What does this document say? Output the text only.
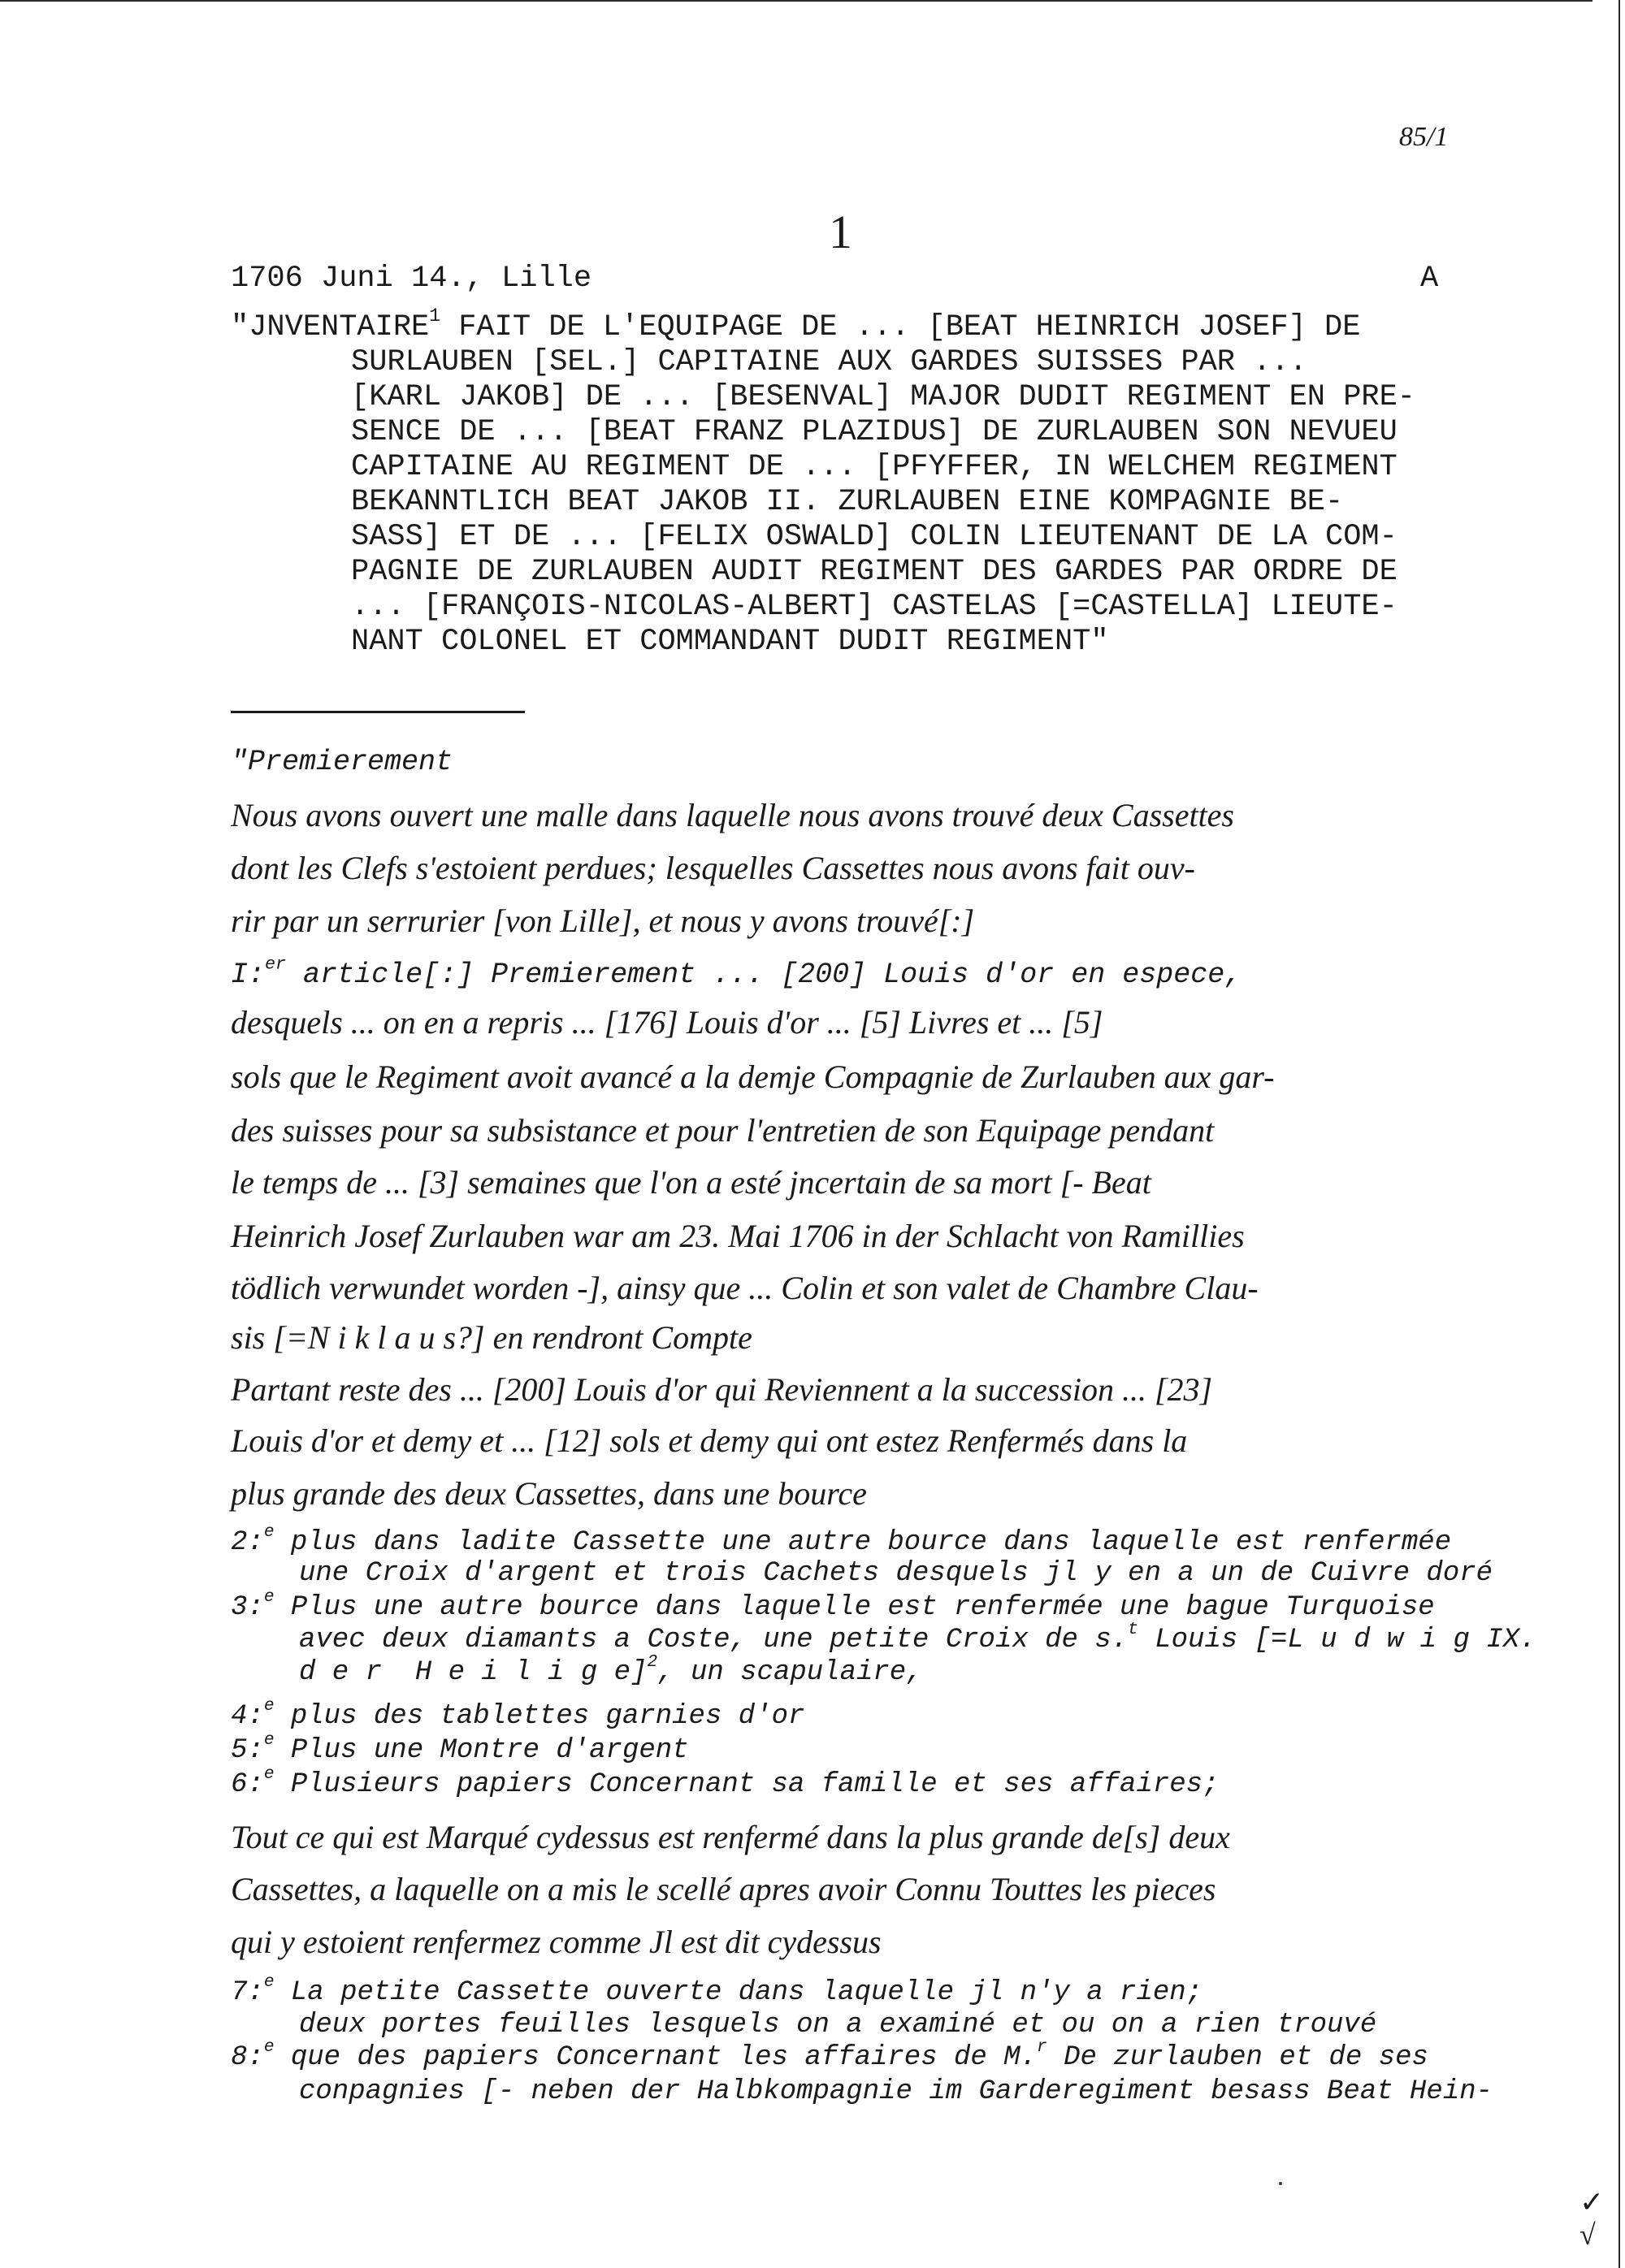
85/1
1
1706 Juni 14., Lille	A
"JNVENTAIRE$^1$ FAIT DE L'EQUIPAGE DE ... [BEAT HEINRICH JOSEF] DE
SURLAUBEN [SEL.] CAPITAINE AUX GARDES SUISSES PAR ...
[KARL JAKOB] DE ... [BESENVAL] MAJOR DUDIT REGIMENT EN PRE-
SENCE DE ... [BEAT FRANZ PLAZIDUS] DE ZURLAUBEN SON NEVUEU
CAPITAINE AU REGIMENT DE ... [PFYFFER, IN WELCHEM REGIMENT
BEKANNTLICH BEAT JAKOB II. ZURLAUBEN EINE KOMPAGNIE BE-
SASS] ET DE ... [FELIX OSWALD] COLIN LIEUTENANT DE LA COM-
PAGNIE DE ZURLAUBEN AUDIT REGIMENT DES GARDES PAR ORDRE DE
... [FRANÇOIS-NICOLAS-ALBERT] CASTELAS [=CASTELLA] LIEUTE-
NANT COLONEL ET COMMANDANT DUDIT REGIMENT"
"Premierement
Nous avons ouvert une malle dans laquelle nous avons trouvé deux Cassettes
dont les Clefs s'estoient perdues; lesquelles Cassettes nous avons fait ouv-
rir par un serrurier [von Lille], et nous y avons trouvé[:]
I:$^{er}$ article[:] Premierement ... [200] Louis d'or en espece,
desquels ... on en a repris ... [176] Louis d'or ... [5] Livres et ... [5]
sols que le Regiment avoit avancé a la demje Compagnie de Zurlauben aux gar-
des suisses pour sa subsistance et pour l'entretien de son Equipage pendant
le temps de ... [3] semaines que l'on a esté jncertain de sa mort [- Beat
Heinrich Josef Zurlauben war am 23. Mai 1706 in der Schlacht von Ramillies
tödlich verwundet worden -], ainsy que ... Colin et son valet de Chambre Clau-
sis [=N i k l a u s?] en rendront Compte
Partant reste des ... [200] Louis d'or qui Reviennent a la succession ... [23]
Louis d'or et demy et ... [12] sols et demy qui ont estez Renfermés dans la
plus grande des deux Cassettes, dans une bource
2:$^e$ plus dans ladite Cassette une autre bource dans laquelle est renfermée
une Croix d'argent et trois Cachets desquels jl y en a un de Cuivre doré
3:$^e$ Plus une autre bource dans laquelle est renfermée une bague Turquoise
avec deux diamants a Coste, une petite Croix de s.$^t$ Louis [=L u d w i g IX.
d e r  H e i l i g e]$^2$, un scapulaire,
4:$^e$ plus des tablettes garnies d'or
5:$^e$ Plus une Montre d'argent
6:$^e$ Plusieurs papiers Concernant sa famille et ses affaires;
Tout ce qui est Marqué cydessus est renfermé dans la plus grande de[s] deux
Cassettes, a laquelle on a mis le scellé apres avoir Connu Touttes les pieces
qui y estoient renfermez comme Jl est dit cydessus
7:$^e$ La petite Cassette ouverte dans laquelle jl n'y a rien;
deux portes feuilles lesquels on a examiné et ou on a rien trouvé
8:$^e$ que des papiers Concernant les affaires de M.$^r$ De zurlauben et de ses
conpagnies [- neben der Halbkompagnie im Garderegiment besass Beat Hein-
✓
√
